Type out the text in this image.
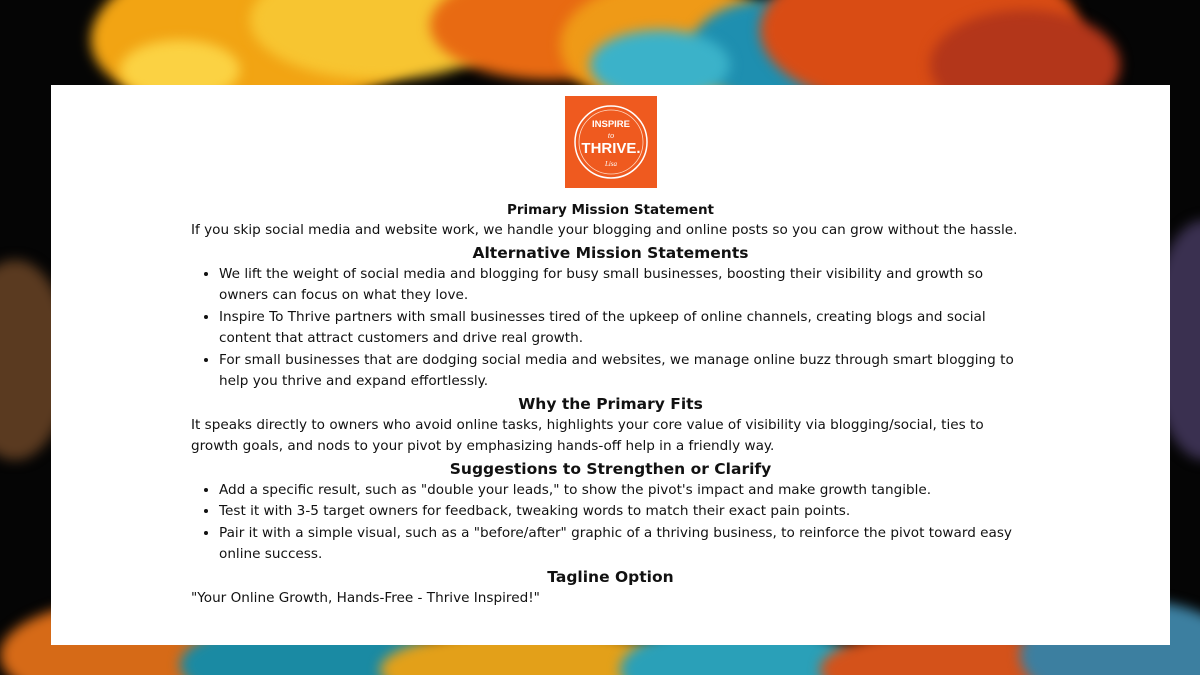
INSPIRE
to
THRIVE.
Lisa
Primary Mission Statement

If you skip social media and website work, we handle your blogging and online posts so you can grow without the hassle.

Alternative Mission Statements
• We lift the weight of social media and blogging for busy small businesses, boosting their visibility and growth so owners can focus on what they love.
• Inspire To Thrive partners with small businesses tired of the upkeep of online channels, creating blogs and social content that attract customers and drive real growth.
• For small businesses that are dodging social media and websites, we manage online buzz through smart blogging to help you thrive and expand effortlessly.
Why the Primary Fits

It speaks directly to owners who avoid online tasks, highlights your core value of visibility via blogging/social, ties to growth goals, and nods to your pivot by emphasizing hands-off help in a friendly way.

Suggestions to Strengthen or Clarify
• Add a specific result, such as "double your leads," to show the pivot's impact and make growth tangible.
• Test it with 3-5 target owners for feedback, tweaking words to match their exact pain points.
• Pair it with a simple visual, such as a "before/after" graphic of a thriving business, to reinforce the pivot toward easy online success.
Tagline Option

"Your Online Growth, Hands-Free - Thrive Inspired!"
